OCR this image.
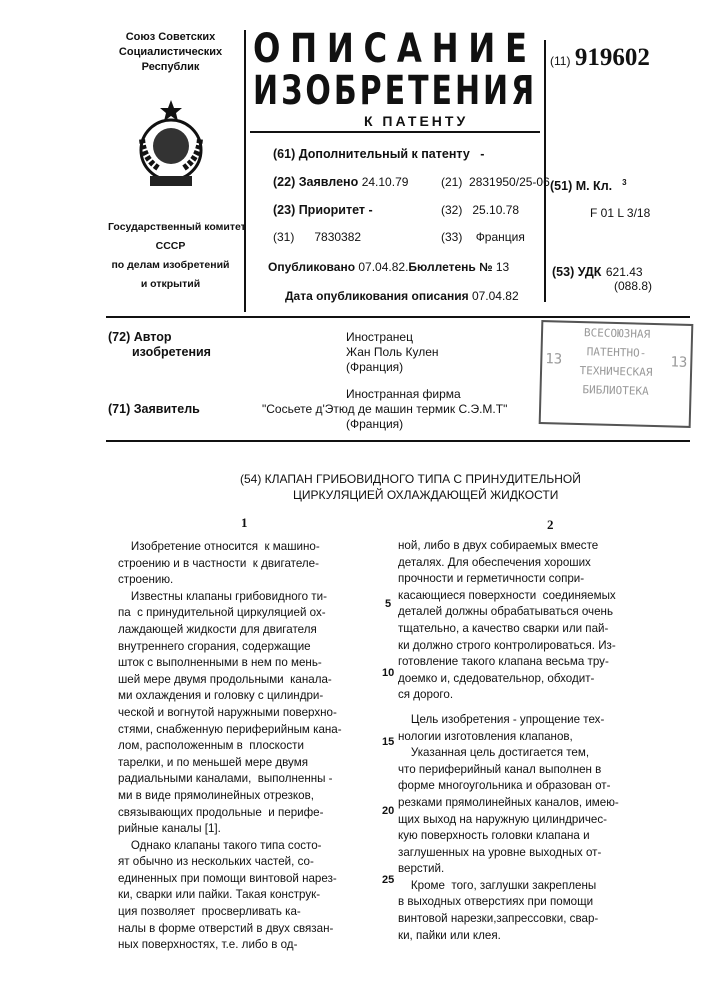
Союз Советских
Социалистических
Республик
Государственный комитет
СССР
по делам изобретений
и открытий
ОПИСАНИЕ
ИЗОБРЕТЕНИЯ
К ПАТЕНТУ
(11) 919602
(61) Дополнительный к патенту -
(22) Заявлено 24.10.79	(21) 2831950/25-06
(23) Приоритет -	(32) 25.10.78
(31) 7830382	(33) Франция
Опубликовано 07.04.82.Бюллетень № 13
Дата опубликования описания 07.04.82
(51) М. Кл. 3
F 01 L 3/18
(53) УДК 621.43
(088.8)
(72) Автор
изобретения
Иностранец
Жан Поль Кулен
(Франция)
(71) Заявитель
Иностранная фирма
"Сосьете д'Этюд де машин термик С.Э.М.Т"
(Франция)
ВСЕСОЮЗНАЯ
ПАТЕНТНО-
ТЕХНИЧЕСКАЯ
БИБЛИОТЕКА
13	13
(54) КЛАПАН ГРИБОВИДНОГО ТИПА С ПРИНУДИТЕЛЬНОЙ
ЦИРКУЛЯЦИЕЙ ОХЛАЖДАЮЩЕЙ ЖИДКОСТИ
1	2
Изобретение относится  к машино-
строению и в частности  к двигателе-
строению.
Известны клапаны грибовидного ти-
па  с принудительной циркуляцией ох-
лаждающей жидкости для двигателя
внутреннего сгорания, содержащие
шток с выполненными в нем по мень-
шей мере двумя продольными  канала-
ми охлаждения и головку с цилиндри-
ческой и вогнутой наружными поверхно-
стями, снабженную периферийным кана-
лом, расположенным в  плоскости
тарелки, и по меньшей мере двумя
радиальными каналами,  выполненны -
ми в виде прямолинейных отрезков,
связывающих продольные  и перифе-
рийные каналы [1].
Однако клапаны такого типа состо-
ят обычно из нескольких частей, со-
единенных при помощи винтовой нарез-
ки, сварки или пайки. Такая конструк-
ция позволяет  просверливать ка-
налы в форме отверстий в двух связан-
ных поверхностях, т.е. либо в од-
ной, либо в двух собираемых вместе
деталях. Для обеспечения хороших
прочности и герметичности сопри-
касающиеся поверхности  соединяемых
деталей должны обрабатываться очень
тщательно, а качество сварки или пай-
ки должно строго контролироваться. Из-
готовление такого клапана весьма тру-
доемко и, сдедовательнор, обходит-
ся дорого.
Цель изобретения - упрощение тех-
нологии изготовления клапанов,
Указанная цель достигается тем,
что периферийный канал выполнен в
форме многоугольника и образован от-
резками прямолинейных каналов, имею-
щих выход на наружную цилиндричес-
кую поверхность головки клапана и
заглушенных на уровне выходных от-
верстий.
Кроме  того, заглушки закреплены
в выходных отверстиях при помощи
винтовой нарезки,запрессовки, свар-
ки, пайки или клея.
5
10
15
20
25
